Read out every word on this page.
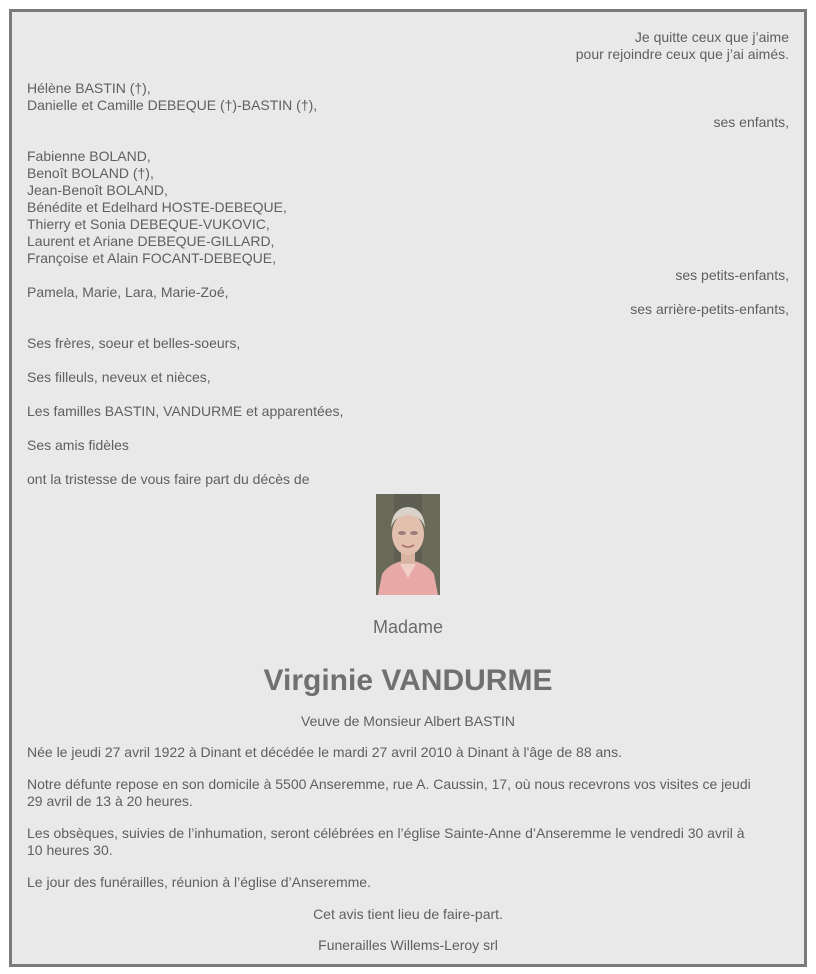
Je quitte ceux que j’aime
pour rejoindre ceux que j’ai aimés.
Hélène BASTIN (†),
Danielle et Camille DEBEQUE (†)-BASTIN (†),
ses enfants,
Fabienne BOLAND,
Benoît BOLAND (†),
Jean-Benoît BOLAND,
Bénédite et Edelhard HOSTE-DEBEQUE,
Thierry et Sonia DEBEQUE-VUKOVIC,
Laurent et Ariane DEBEQUE-GILLARD,
Françoise et Alain FOCANT-DEBEQUE,
ses petits-enfants,
Pamela, Marie, Lara, Marie-Zoé,
ses arrière-petits-enfants,
Ses frères, soeur et belles-soeurs,
Ses filleuls, neveux et nièces,
Les familles BASTIN, VANDURME et apparentées,
Ses amis fidèles
ont la tristesse de vous faire part du décès de
Madame
Virginie VANDURME
Veuve de Monsieur Albert BASTIN
Née le jeudi 27 avril 1922 à Dinant et décédée le mardi 27 avril 2010 à Dinant à l'âge de 88 ans.
Notre défunte repose en son domicile à 5500 Anseremme, rue A. Caussin, 17, où nous recevrons vos visites ce jeudi
29 avril de 13 à 20 heures.
Les obsèques, suivies de l’inhumation, seront célébrées en l’église Sainte-Anne d’Anseremme le vendredi 30 avril à
10 heures 30.
Le jour des funérailles, réunion à l’église d’Anseremme.
Cet avis tient lieu de faire-part.
Funerailles Willems-Leroy srl
